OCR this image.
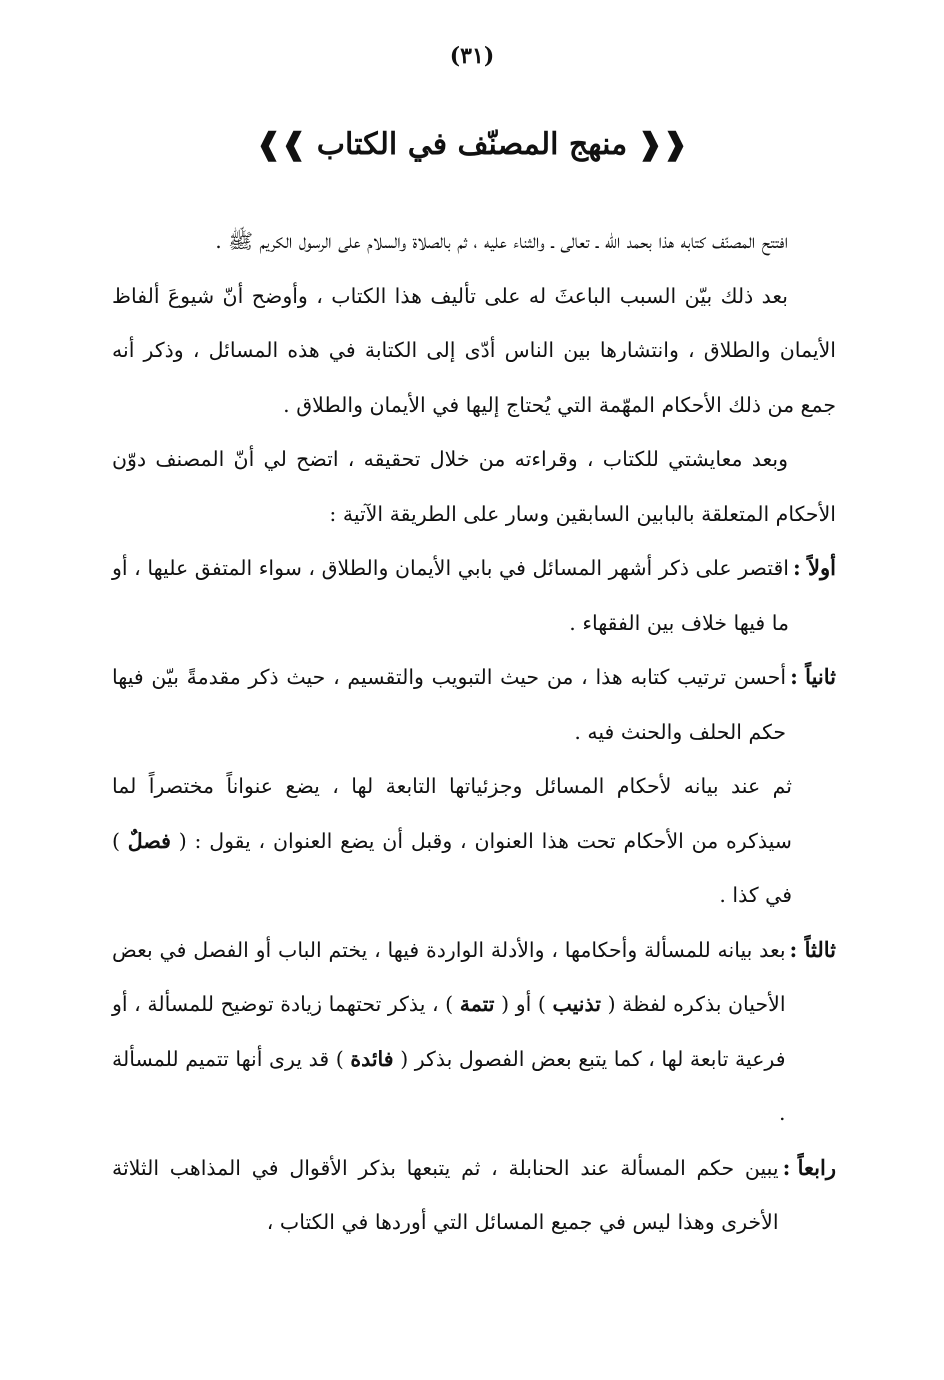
(٣١)
❰❰ منهج المصنّف في الكتاب ❱❱

افتتح المصنّف كتابه هذا بحمد الله ـ تعالى ـ والثناء عليه ، ثم بالصلاة والسلام على الرسول الكريم ﷺ .

بعد ذلك بيّن السبب الباعثَ له على تأليف هذا الكتاب ، وأوضح أنّ شيوعَ ألفاظ الأيمان والطلاق ، وانتشارها بين الناس أدّى إلى الكتابة في هذه المسائل ، وذكر أنه جمع من ذلك الأحكام المهّمة التي يُحتاج إليها في الأيمان والطلاق .

وبعد معايشتي للكتاب ، وقراءته من خلال تحقيقه ، اتضح لي أنّ المصنف دوّن الأحكام المتعلقة بالبابين السابقين وسار على الطريقة الآتية :

أولاً :
اقتصر على ذكر أشهر المسائل في بابي الأيمان والطلاق ، سواء المتفق عليها ، أو ما فيها خلاف بين الفقهاء .
ثانياً :
أحسن ترتيب كتابه هذا ، من حيث التبويب والتقسيم ، حيث ذكر مقدمةً بيّن فيها حكم الحلف والحنث فيه .

ثم عند بيانه لأحكام المسائل وجزئياتها التابعة لها ، يضع عنواناً مختصراً لما سيذكره من الأحكام تحت هذا العنوان ، وقبل أن يضع العنوان ، يقول : ( فصلٌ ) في كذا .

ثالثاً :
بعد بيانه للمسألة وأحكامها ، والأدلة الواردة فيها ، يختم الباب أو الفصل في بعض الأحيان بذكره لفظة ( تذنيب ) أو ( تتمة ) ، يذكر تحتهما زيادة توضيح للمسألة ، أو فرعية تابعة لها ، كما يتبع بعض الفصول بذكر ( فائدة ) قد يرى أنها تتميم للمسألة .
رابعاً :
يبين حكم المسألة عند الحنابلة ، ثم يتبعها بذكر الأقوال في المذاهب الثلاثة الأخرى وهذا ليس في جميع المسائل التي أوردها في الكتاب ،
